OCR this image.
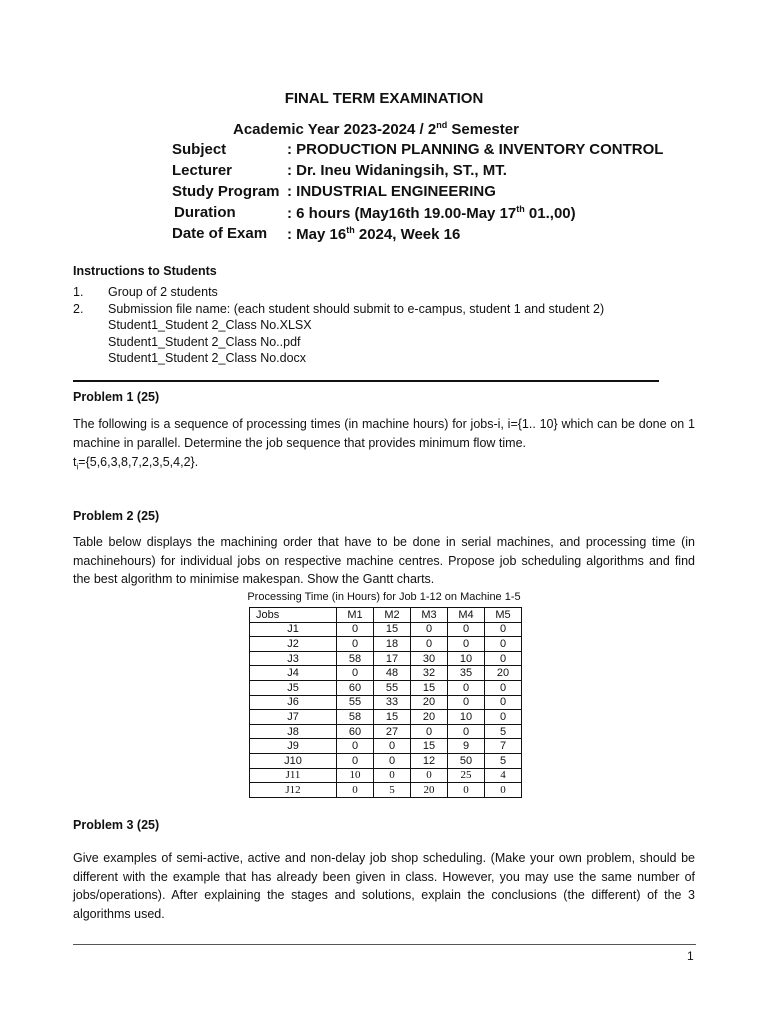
FINAL TERM EXAMINATION
Academic Year 2023-2024 / 2nd Semester
Subject	: PRODUCTION PLANNING & INVENTORY CONTROL
Lecturer	: Dr. Ineu Widaningsih, ST., MT.
Study Program : INDUSTRIAL ENGINEERING
Duration	: 6 hours (May16th 19.00-May 17th 01.,00)
Date of Exam : May 16th 2024, Week 16
Instructions to Students
1. Group of 2 students
2. Submission file name: (each student should submit to e-campus, student 1 and student 2)
Student1_Student 2_Class No.XLSX
Student1_Student 2_Class No..pdf
Student1_Student 2_Class No.docx
Problem 1 (25)
The following is a sequence of processing times (in machine hours) for jobs-i, i={1.. 10} which can be done on 1 machine in parallel. Determine the job sequence that provides minimum flow time.
$t_i=\{5,6,3,8,7,2,3,5,4,2\}$.
Problem 2 (25)
Table below displays the machining order that have to be done in serial machines, and processing time (in machinehours) for individual jobs on respective machine centres. Propose job scheduling algorithms and find the best algorithm to minimise makespan. Show the Gantt charts.
Processing Time (in Hours) for Job 1-12 on Machine 1-5
Jobs	M1	M2	M3	M4	M5
J1	0	15	0	0	0
J2	0	18	0	0	0
J3	58	17	30	10	0
J4	0	48	32	35	20
J5	60	55	15	0	0
J6	55	33	20	0	0
J7	58	15	20	10	0
J8	60	27	0	0	5
J9	0	0	15	9	7
J10	0	0	12	50	5
J11	10	0	0	25	4
J12	0	5	20	0	0
Problem 3 (25)
Give examples of semi-active, active and non-delay job shop scheduling. (Make your own problem, should be different with the example that has already been given in class. However, you may use the same number of jobs/operations). After explaining the stages and solutions, explain the conclusions (the different) of the 3 algorithms used.
1
